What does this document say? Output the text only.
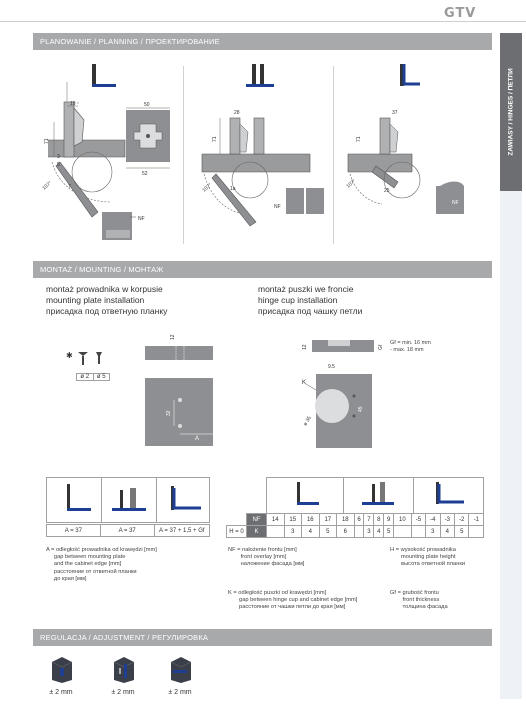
GTV
ZAWIASY / HINGES / ПЕТЛИ
PLANOWANIE / PLANNING / ПРОЕКТИРОВАНИЕ
19
71
3
5
7
107°
NF
50
52
28
71
1a
107°
NF
37
71
25
107°
NF
MONTAŻ / MOUNTING / МОНТАЖ
montaż prowadnika w korpusie
mounting plate installation
присадка под ответную планку
montaż puszki we froncie
hinge cup installation
присадка под чашку петли
✱
ø 2	ø 5
12
32
A
12	Gf
9.5
K
ø 35
45
Gf = min. 16 mm
- max. 18 mm
A = 37	A = 37	A = 37 + 1,5 + Gf
	NF	14	15	16	17	18	6	7	8	9	10	-5	-4	-3	-2	-1
H = 0	K		3	4	5	6		3	4	5			3	4	5	
A = odległość prowadnika od krawędzi [mm]
gap between mounting plate
and the cabinet edge [mm]
расстояние от ответной планки
до края [мм]
NF = nałożenie frontu [mm]
front overlay [mm]
наложение фасада [мм]
K = odległość puszki od krawędzi [mm]
gap between hinge cup and cabinet edge [mm]
расстояние от чашки петли до края [мм]
H = wysokość prowadnika
mounting plate height
высота ответной планки
Gf = grubość frontu
front thickness
толщина фасада
REGULACJA / ADJUSTMENT / РЕГУЛИРОВКА
± 2 mm	± 2 mm	± 2 mm
